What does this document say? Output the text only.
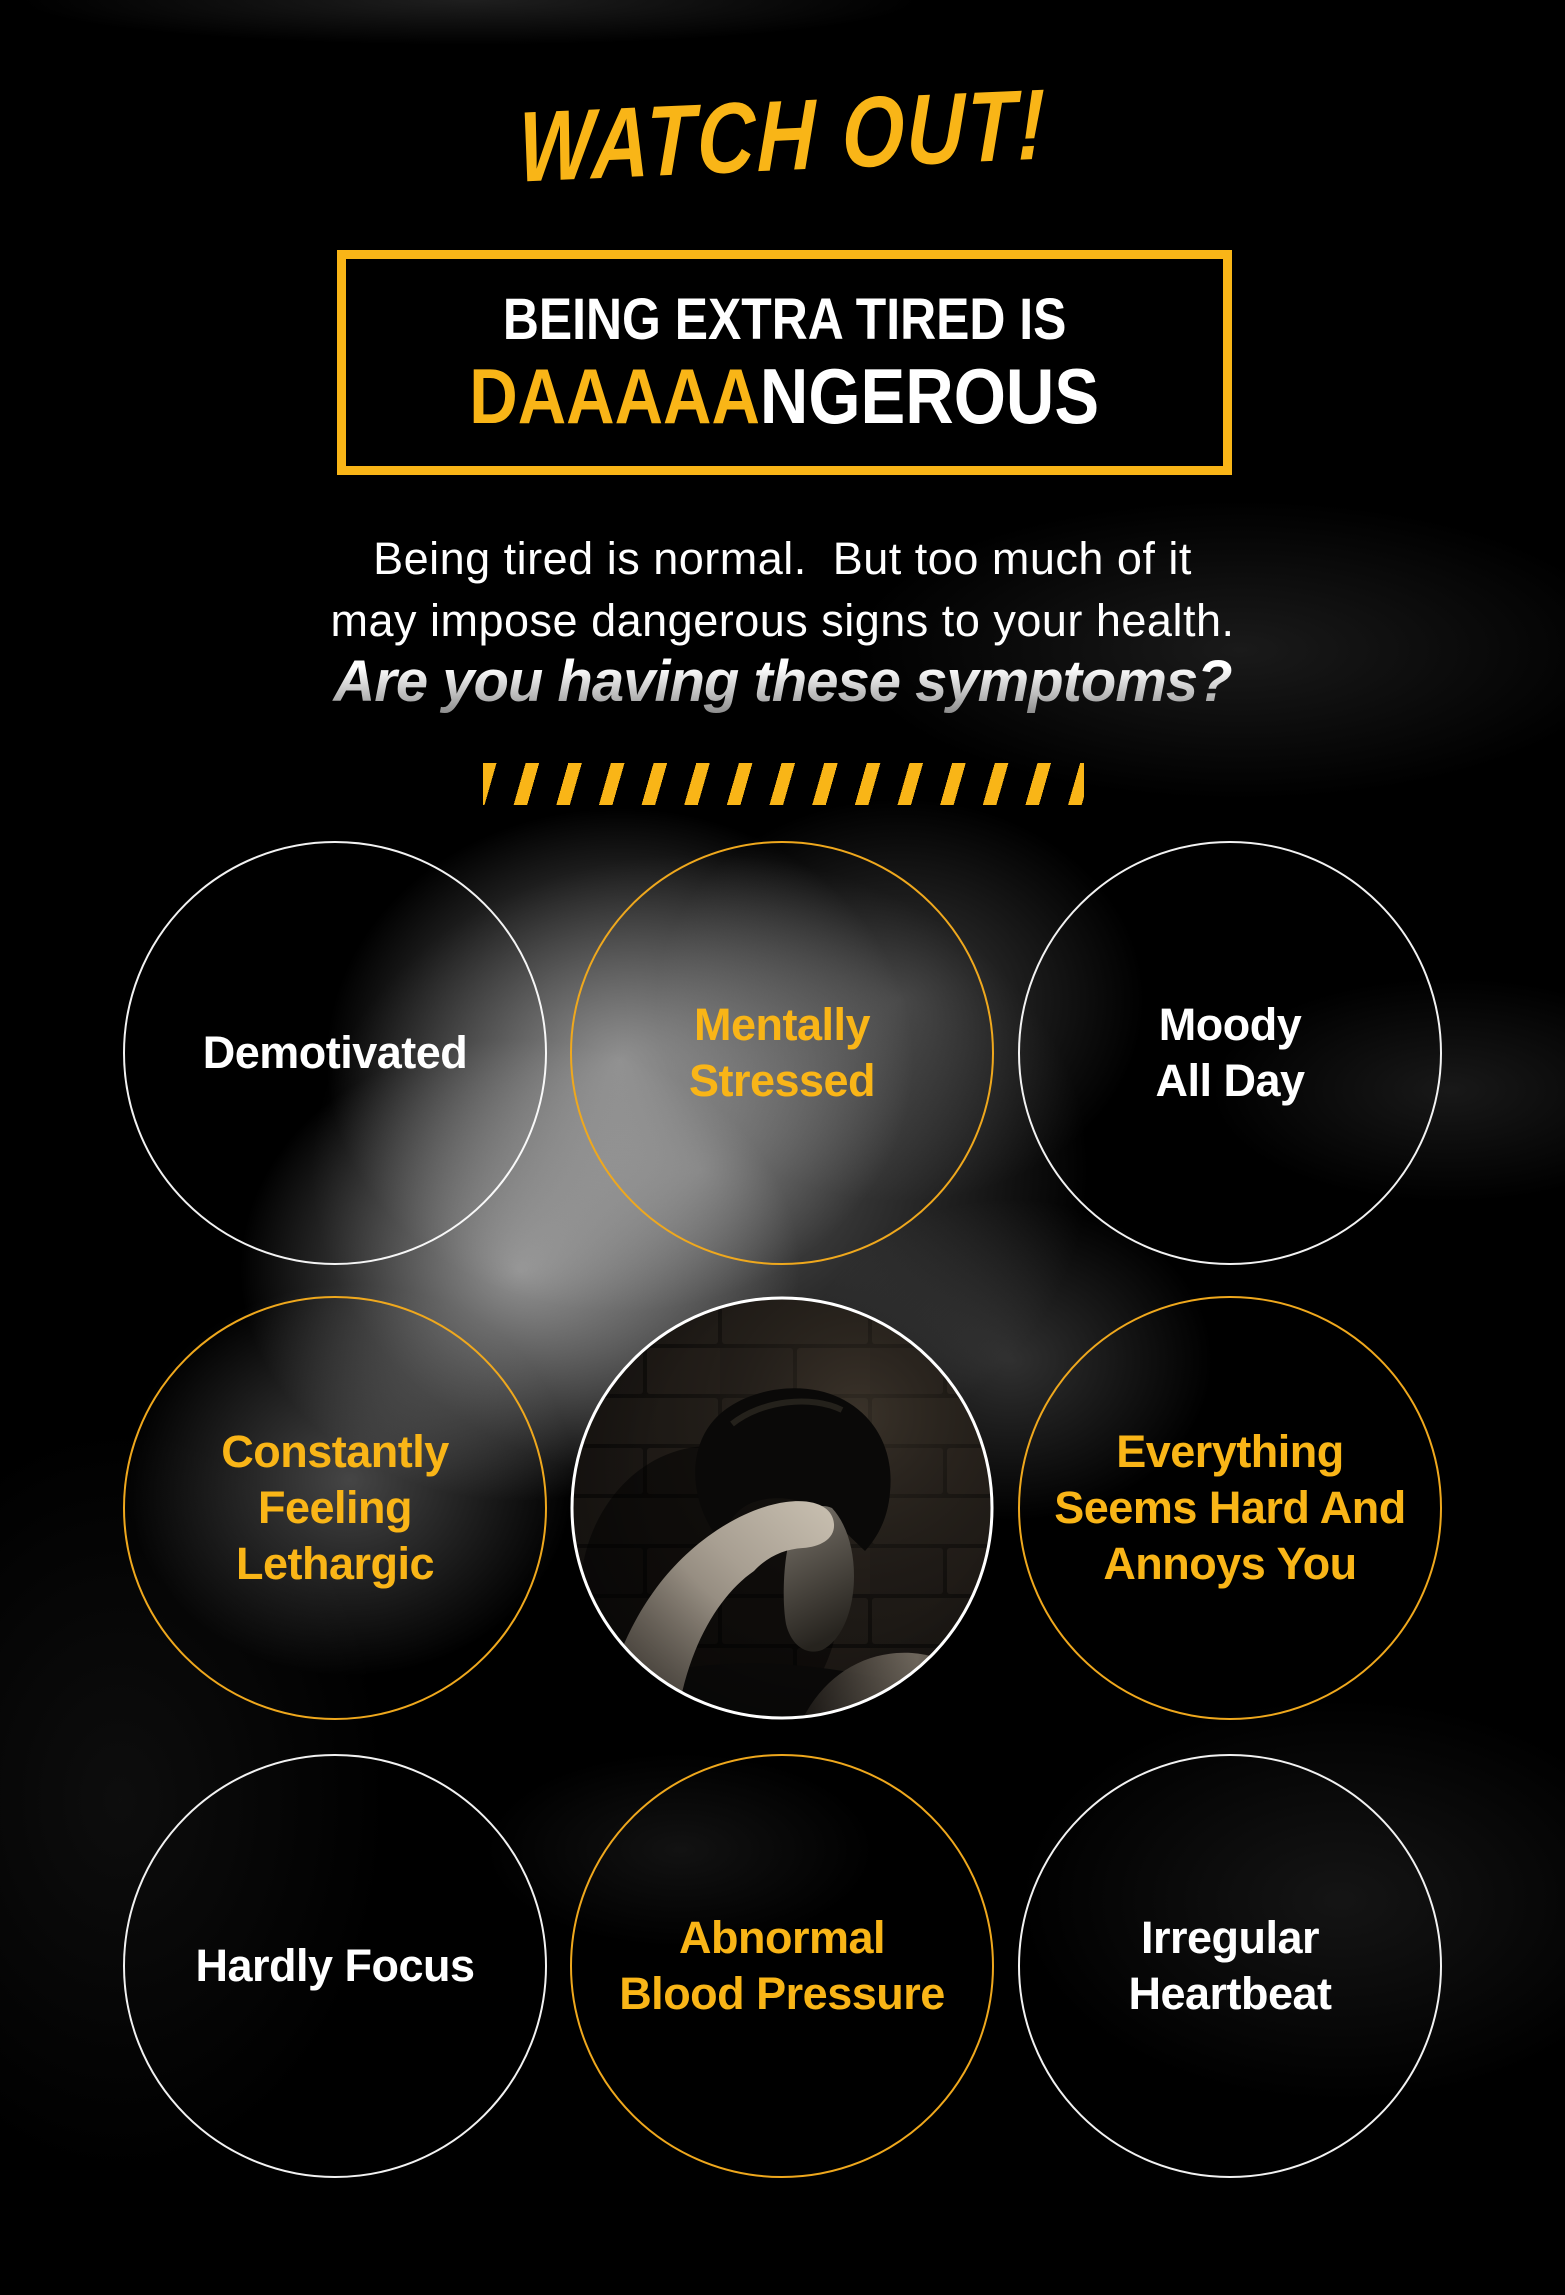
WATCH OUT!
BEING EXTRA TIRED IS
DAAAAANGEROUS
Being tired is normal.  But too much of it
may impose dangerous signs to your health.
Are you having these symptoms?
Demotivated
Mentally
Stressed
Moody
All Day
Constantly
Feeling
Lethargic
Everything
Seems Hard And
Annoys You
Hardly Focus
Abnormal
Blood Pressure
Irregular
Heartbeat
